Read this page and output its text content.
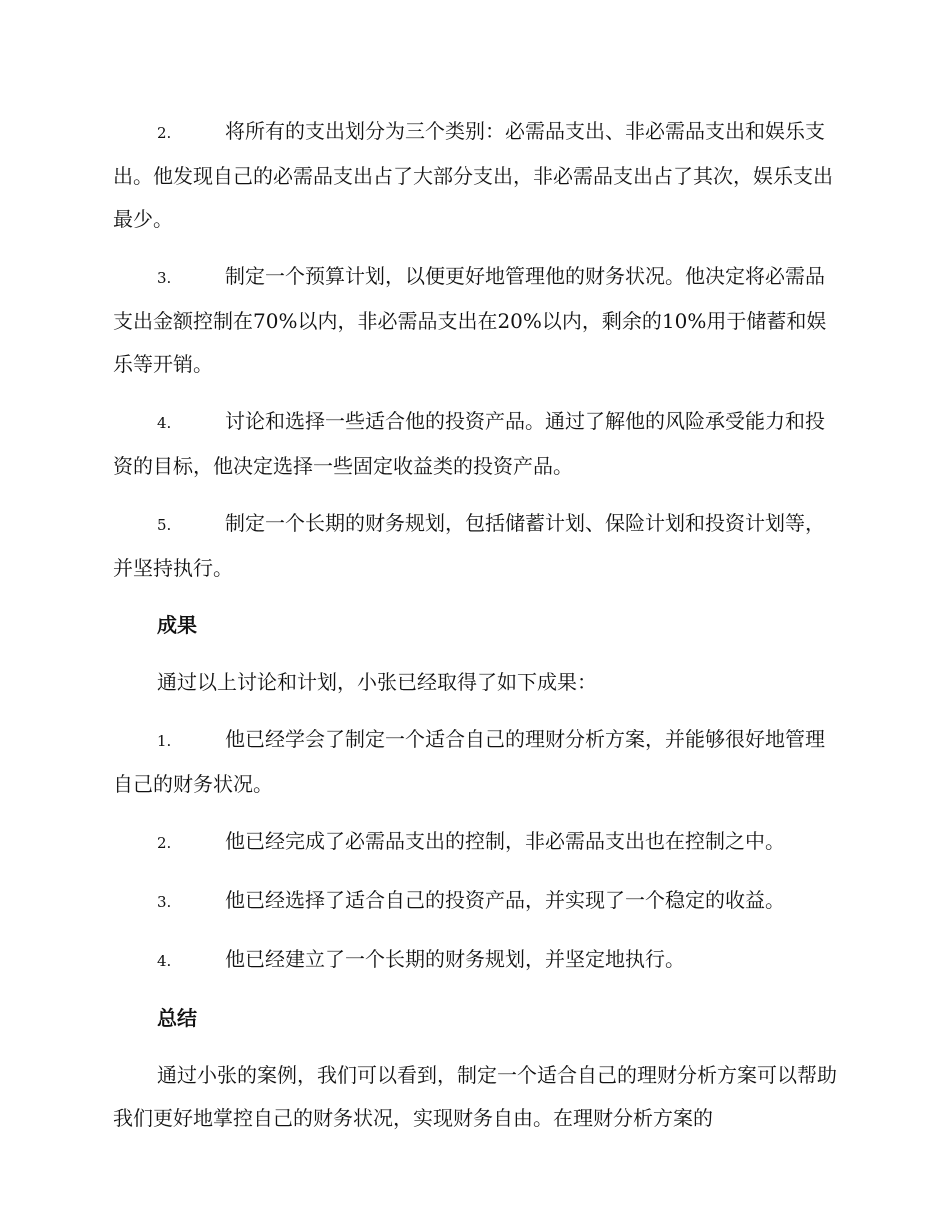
2.	将所有的支出划分为三个类别：必需品支出、非必需品支出和娱乐支出。他发现自己的必需品支出占了大部分支出，非必需品支出占了其次，娱乐支出最少。

3.	制定一个预算计划，以便更好地管理他的财务状况。他决定将必需品支出金额控制在70%以内，非必需品支出在20%以内，剩余的10%用于储蓄和娱乐等开销。

4.	讨论和选择一些适合他的投资产品。通过了解他的风险承受能力和投资的目标，他决定选择一些固定收益类的投资产品。

5.	制定一个长期的财务规划，包括储蓄计划、保险计划和投资计划等，并坚持执行。

成果

通过以上讨论和计划，小张已经取得了如下成果：

1.	他已经学会了制定一个适合自己的理财分析方案，并能够很好地管理自己的财务状况。

2.	他已经完成了必需品支出的控制，非必需品支出也在控制之中。

3.	他已经选择了适合自己的投资产品，并实现了一个稳定的收益。

4.	他已经建立了一个长期的财务规划，并坚定地执行。

总结

通过小张的案例，我们可以看到，制定一个适合自己的理财分析方案可以帮助我们更好地掌控自己的财务状况，实现财务自由。在理财分析方案的
